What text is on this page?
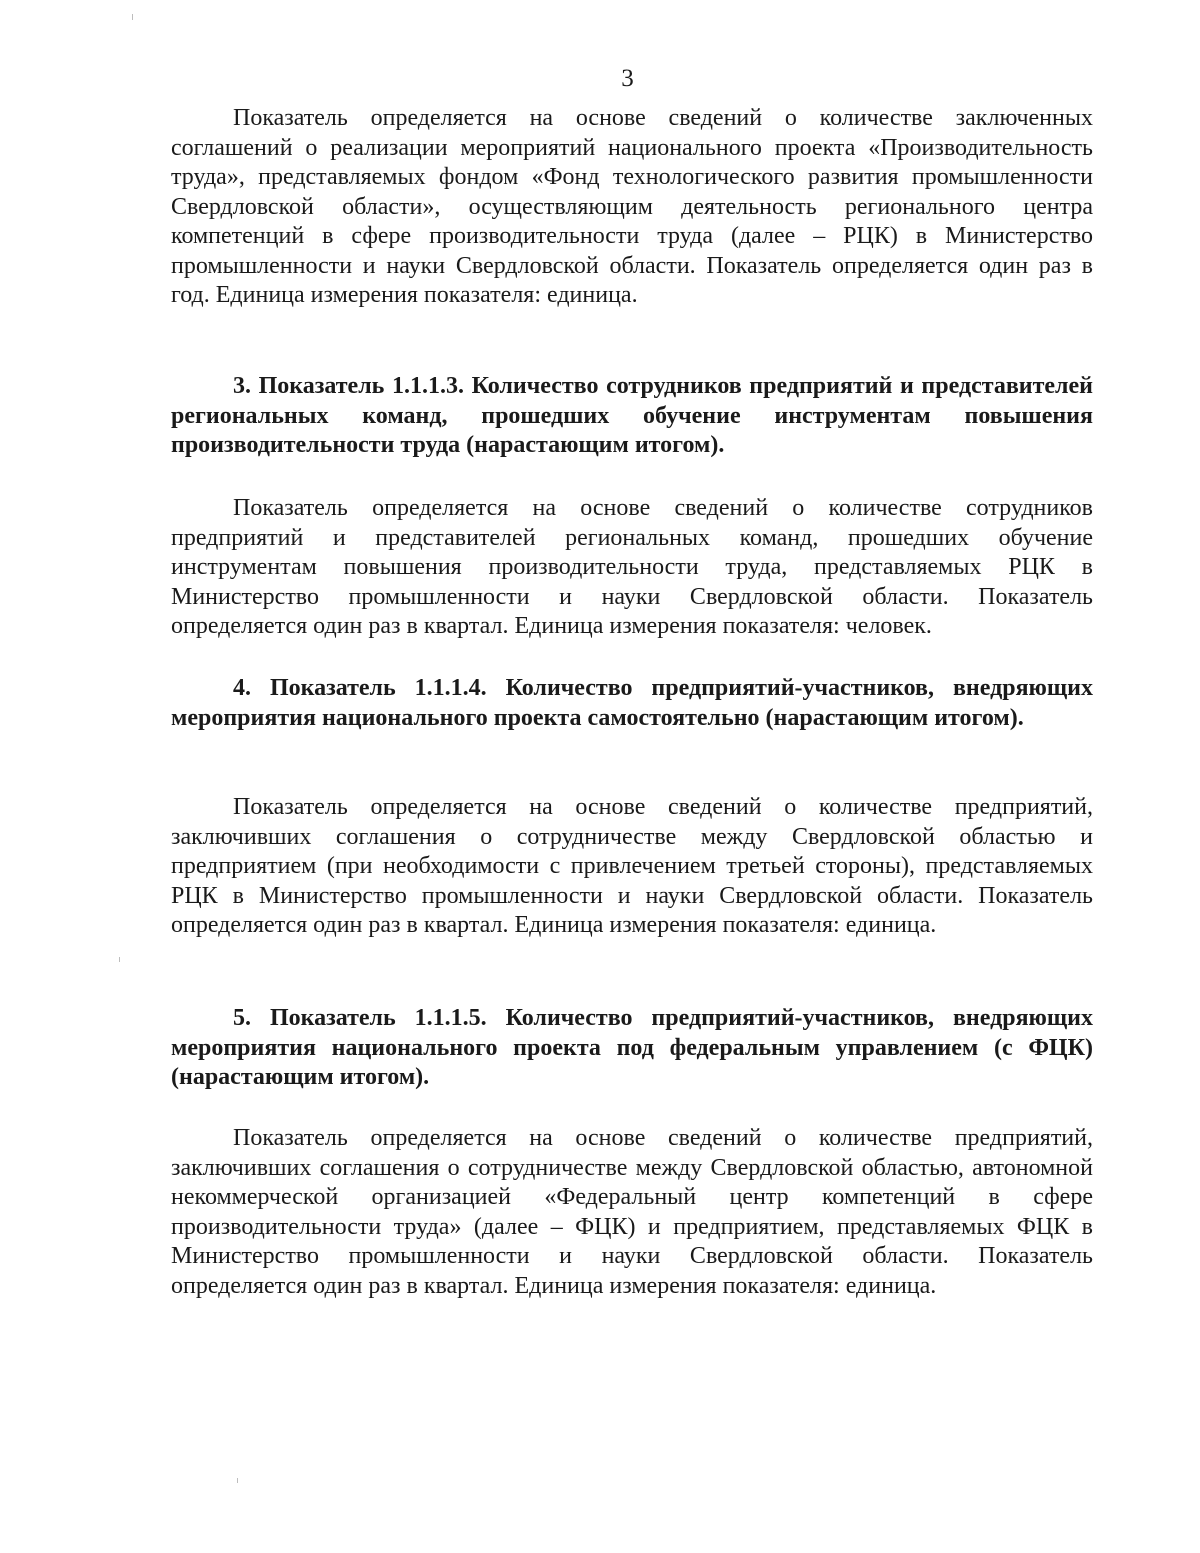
3

Показатель определяется на основе сведений о количестве заключенных соглашений о реализации мероприятий национального проекта «Производительность труда», представляемых фондом «Фонд технологического развития промышленности Свердловской области», осуществляющим деятельность регионального центра компетенций в сфере производительности труда (далее – РЦК) в Министерство промышленности и науки Свердловской области. Показатель определяется один раз в год. Единица измерения показателя: единица.

3. Показатель 1.1.1.3. Количество сотрудников предприятий и представителей региональных команд, прошедших обучение инструментам повышения производительности труда (нарастающим итогом).

Показатель определяется на основе сведений о количестве сотрудников предприятий и представителей региональных команд, прошедших обучение инструментам повышения производительности труда, представляемых РЦК в Министерство промышленности и науки Свердловской области. Показатель определяется один раз в квартал. Единица измерения показателя: человек.

4. Показатель 1.1.1.4. Количество предприятий-участников, внедряющих мероприятия национального проекта самостоятельно (нарастающим итогом).

Показатель определяется на основе сведений о количестве предприятий, заключивших соглашения о сотрудничестве между Свердловской областью и предприятием (при необходимости с привлечением третьей стороны), представляемых РЦК в Министерство промышленности и науки Свердловской области. Показатель определяется один раз в квартал. Единица измерения показателя: единица.

5. Показатель 1.1.1.5. Количество предприятий-участников, внедряющих мероприятия национального проекта под федеральным управлением (с ФЦК) (нарастающим итогом).

Показатель определяется на основе сведений о количестве предприятий, заключивших соглашения о сотрудничестве между Свердловской областью, автономной некоммерческой организацией «Федеральный центр компетенций в сфере производительности труда» (далее – ФЦК) и предприятием, представляемых ФЦК в Министерство промышленности и науки Свердловской области. Показатель определяется один раз в квартал. Единица измерения показателя: единица.
